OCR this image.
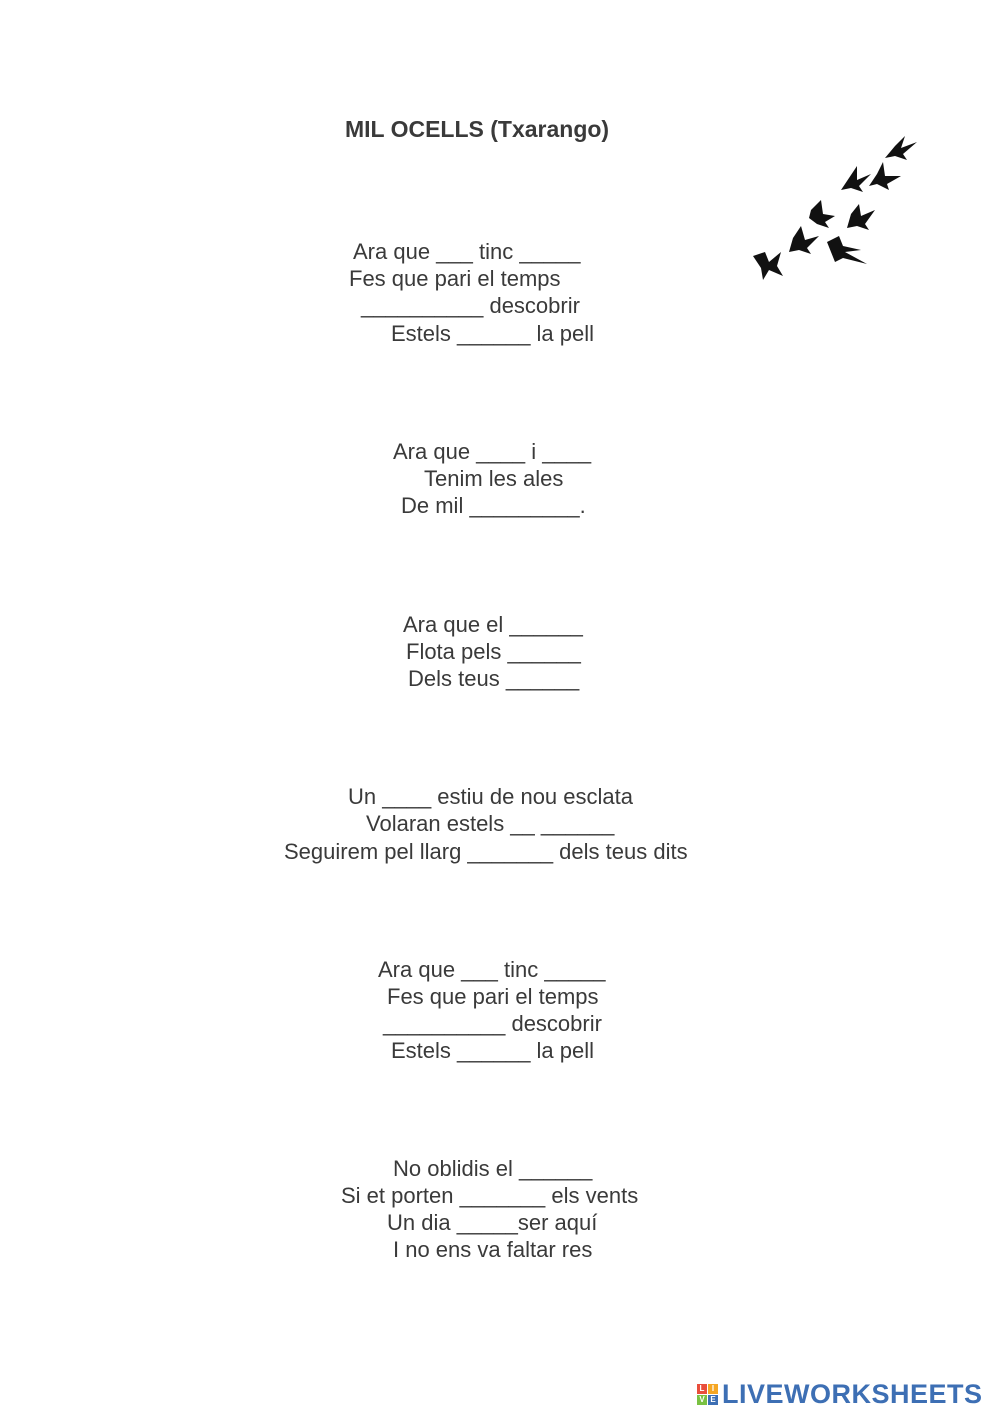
MIL OCELLS (Txarango)
Ara que ___ tinc _____
Fes que pari el temps
__________ descobrir
Estels ______ la pell
Ara que ____ i ____
Tenim les ales
De mil _________.
Ara que el ______
Flota pels ______
Dels teus ______
Un ____ estiu de nou esclata
Volaran estels __ ______
Seguirem pel llarg _______ dels teus dits
Ara que ___ tinc _____
Fes que pari el temps
__________ descobrir
Estels ______ la pell
No oblidis el ______
Si et porten _______ els vents
Un dia _____ser aquí
I no ens va faltar res
L I
V E LIVEWORKSHEETS
